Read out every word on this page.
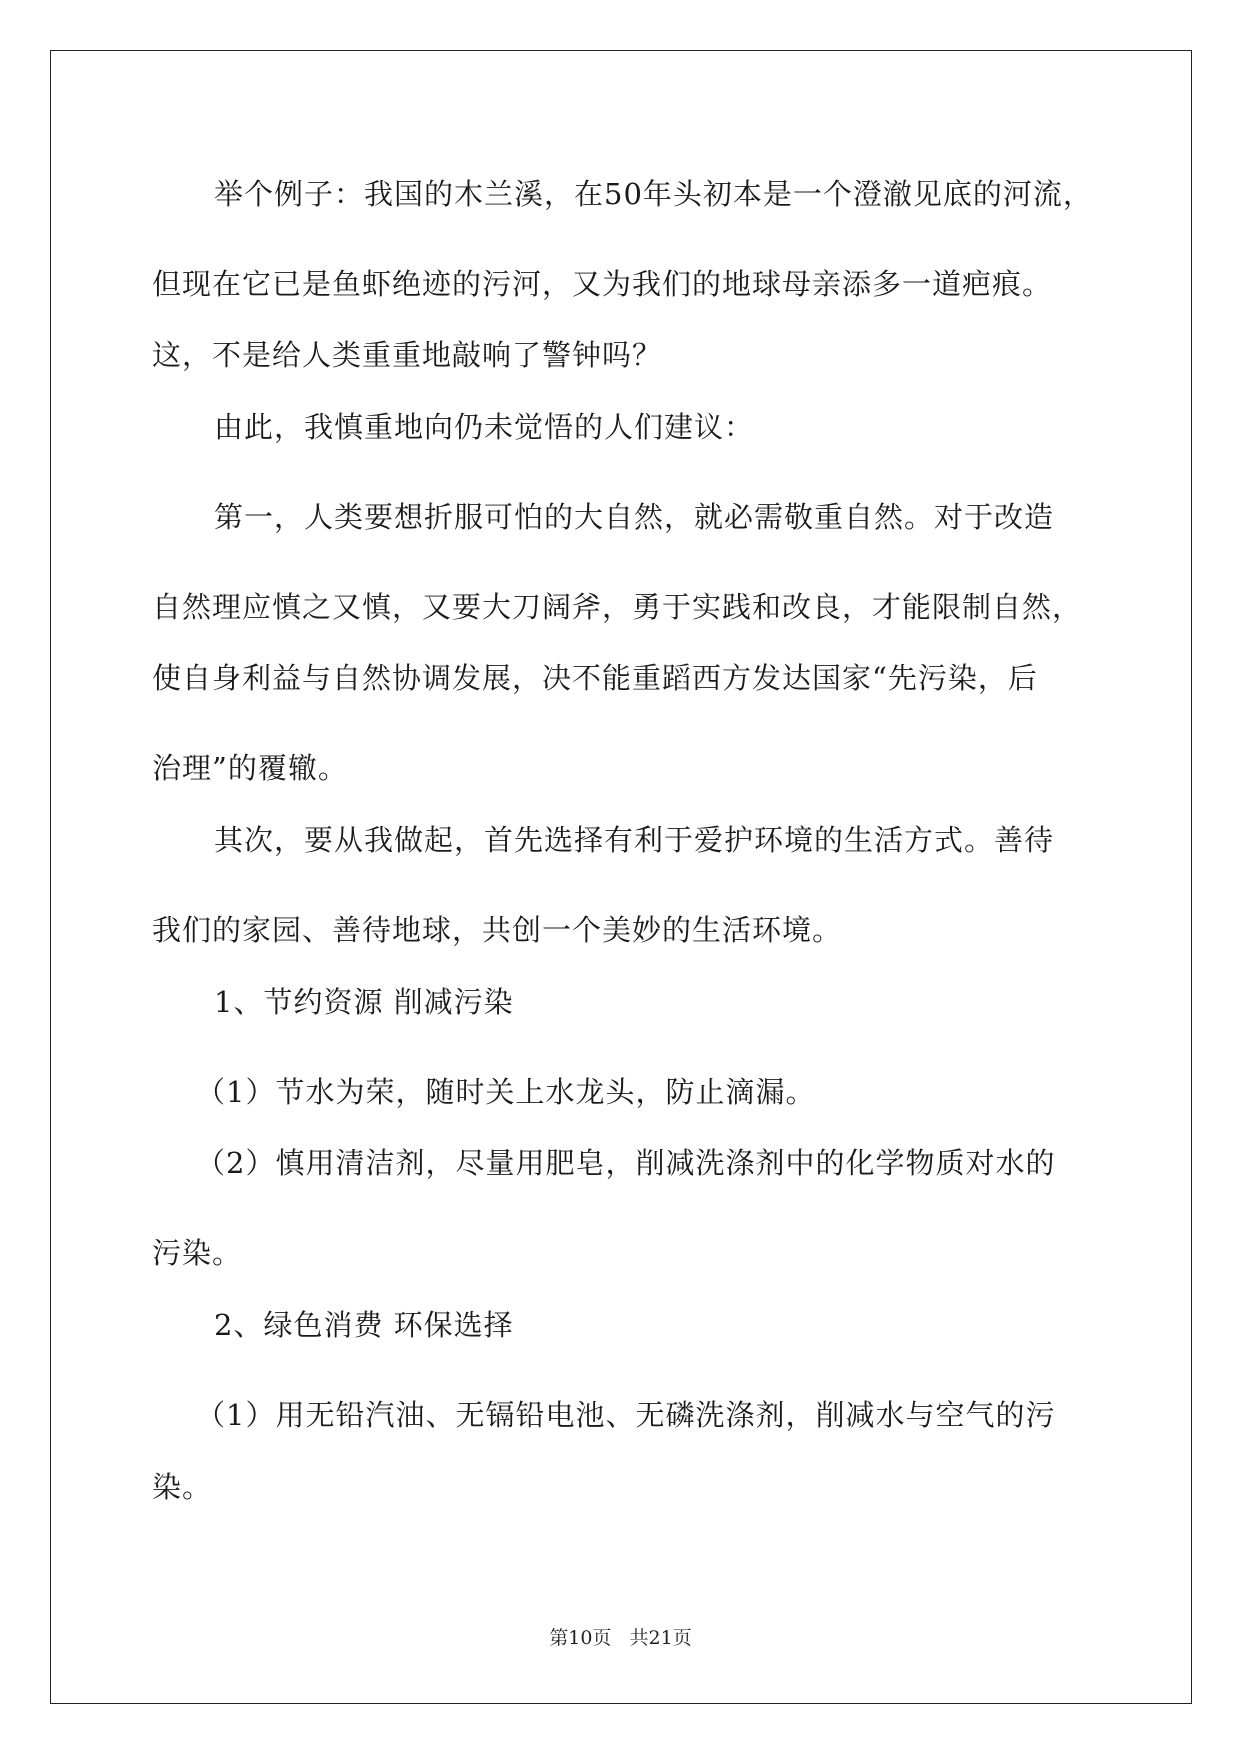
举个例子：我国的木兰溪，在50年头初本是一个澄澈见底的河流，

但现在它已是鱼虾绝迹的污河，又为我们的地球母亲添多一道疤痕。

这，不是给人类重重地敲响了警钟吗？

由此，我慎重地向仍未觉悟的人们建议：

第一，人类要想折服可怕的大自然，就必需敬重自然。对于改造

自然理应慎之又慎，又要大刀阔斧，勇于实践和改良，才能限制自然，

使自身利益与自然协调发展，决不能重蹈西方发达国家“先污染，后

治理”的覆辙。

其次，要从我做起，首先选择有利于爱护环境的生活方式。善待

我们的家园、善待地球，共创一个美妙的生活环境。

1、节约资源 削减污染

（1）节水为荣，随时关上水龙头，防止滴漏。

（2）慎用清洁剂，尽量用肥皂，削减洗涤剂中的化学物质对水的

污染。

2、绿色消费 环保选择

（1）用无铅汽油、无镉铅电池、无磷洗涤剂，削减水与空气的污

染。

第10页   共21页
